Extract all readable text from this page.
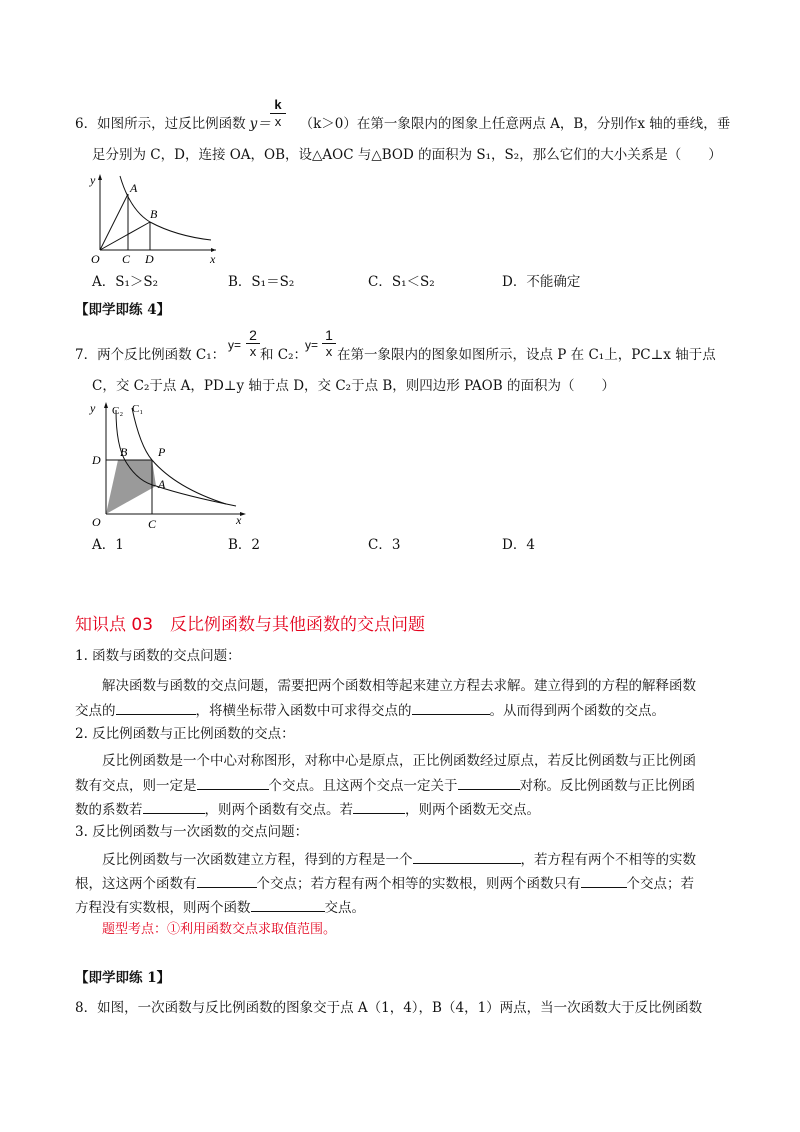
k
x
6．如图所示，过反比例函数 y＝ （k＞0）在第一象限内的图象上任意两点 A，B，分别作x 轴的垂线，垂
足分别为 C，D，连接 OA，OB，设△AOC 与△BOD 的面积为 S₁，S₂，那么它们的大小关系是（　　）
y
x
O
A
B
C D
A．S₁＞S₂	B．S₁＝S₂	C．S₁＜S₂	D．不能确定
【即学即练 4】
2
x
y=
1
x
y=
7．两个反比例函数 C₁：	和 C₂： 在第一象限内的图象如图所示，设点 P 在 C₁上，PC⊥x 轴于点
C，交 C₂于点 A，PD⊥y 轴于点 D，交 C₂于点 B，则四边形 PAOB 的面积为（　　）
y C₂ C₁
x
D
B	P
A
O	C
A．1	B．2	C．3	D．4
知识点 03　反比例函数与其他函数的交点问题
1. 函数与函数的交点问题：
解决函数与函数的交点问题，需要把两个函数相等起来建立方程去求解。建立得到的方程的解释函数
交点的	，将横坐标带入函数中可求得交点的	。从而得到两个函数的交点。
2. 反比例函数与正比例函数的交点：
反比例函数是一个中心对称图形，对称中心是原点，正比例函数经过原点，若反比例函数与正比例函
数有交点，则一定是	个交点。且这两个交点一定关于	对称。反比例函数与正比例函
数的系数若	，则两个函数有交点。若	，则两个函数无交点。
3. 反比例函数与一次函数的交点问题：
反比例函数与一次函数建立方程，得到的方程是一个	，若方程有两个不相等的实数
根，这这两个函数有	个交点；若方程有两个相等的实数根，则两个函数只有	个交点；若
方程没有实数根，则两个函数	交点。
题型考点：①利用函数交点求取值范围。
【即学即练 1】
8．如图，一次函数与反比例函数的图象交于点 A（1，4），B（4，1）两点，当一次函数大于反比例函数
